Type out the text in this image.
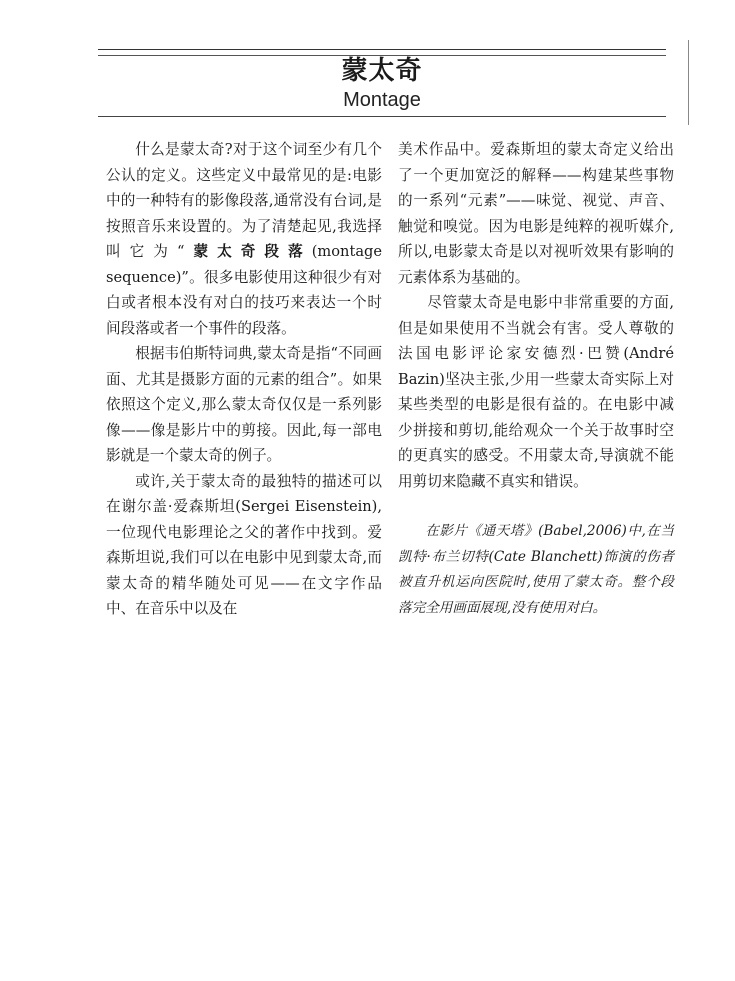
蒙太奇
Montage

什么是蒙太奇?对于这个词至少有几个公认的定义。这些定义中最常见的是:电影中的一种特有的影像段落,通常没有台词,是按照音乐来设置的。为了清楚起见,我选择叫它为“蒙太奇段落(montage sequence)”。很多电影使用这种很少有对白或者根本没有对白的技巧来表达一个时间段落或者一个事件的段落。

根据韦伯斯特词典,蒙太奇是指“不同画面、尤其是摄影方面的元素的组合”。如果依照这个定义,那么蒙太奇仅仅是一系列影像——像是影片中的剪接。因此,每一部电影就是一个蒙太奇的例子。

或许,关于蒙太奇的最独特的描述可以在谢尔盖·爱森斯坦(Sergei Eisenstein),一位现代电影理论之父的著作中找到。爱森斯坦说,我们可以在电影中见到蒙太奇,而蒙太奇的精华随处可见——在文字作品中、在音乐中以及在

美术作品中。爱森斯坦的蒙太奇定义给出了一个更加宽泛的解释——构建某些事物的一系列“元素”——味觉、视觉、声音、触觉和嗅觉。因为电影是纯粹的视听媒介,所以,电影蒙太奇是以对视听效果有影响的元素体系为基础的。

尽管蒙太奇是电影中非常重要的方面,但是如果使用不当就会有害。受人尊敬的法国电影评论家安德烈·巴赞(André Bazin)坚决主张,少用一些蒙太奇实际上对某些类型的电影是很有益的。在电影中减少拼接和剪切,能给观众一个关于故事时空的更真实的感受。不用蒙太奇,导演就不能用剪切来隐藏不真实和错误。

在影片《通天塔》(Babel,2006)中,在当凯特·布兰切特(Cate Blanchett)饰演的伤者被直升机运向医院时,使用了蒙太奇。整个段落完全用画面展现,没有使用对白。
